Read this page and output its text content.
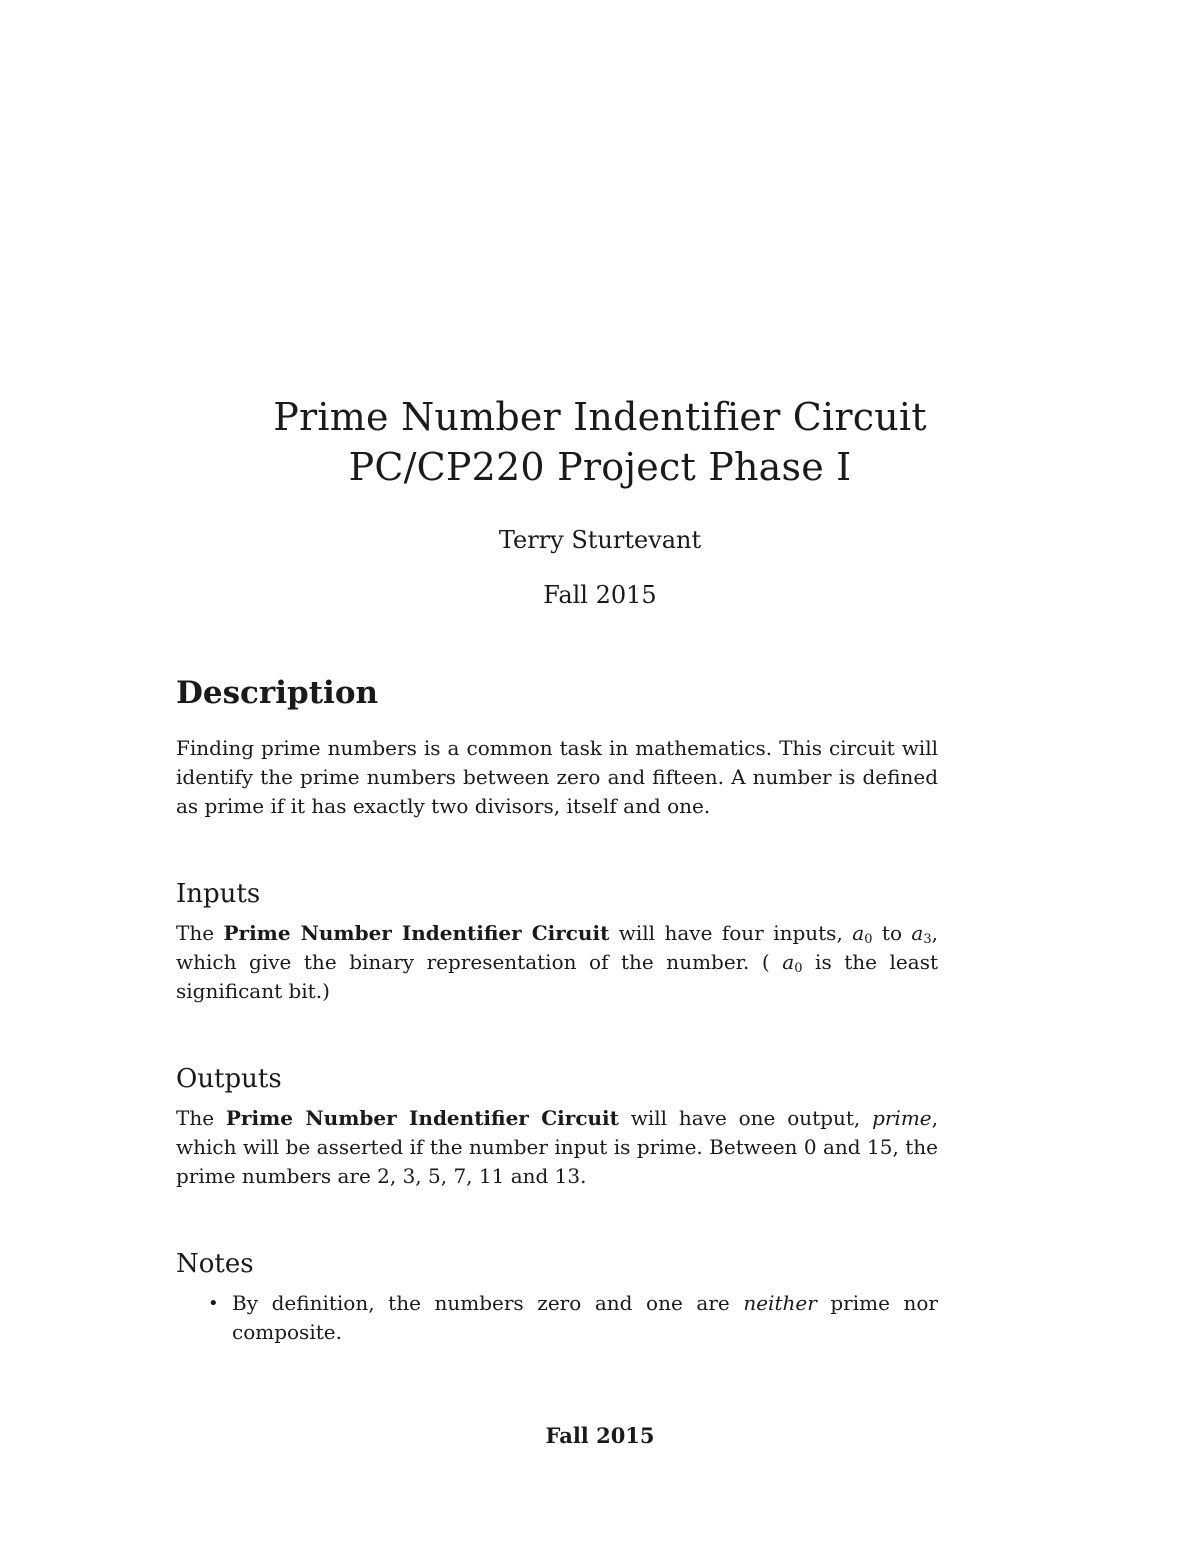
Prime Number Indentifier Circuit
PC/CP220 Project Phase I
Terry Sturtevant
Fall 2015
Description

Finding prime numbers is a common task in mathematics. This circuit will identify the prime numbers between zero and fifteen. A number is defined as prime if it has exactly two divisors, itself and one.

Inputs

The Prime Number Indentifier Circuit will have four inputs, $a_0$ to $a_3$, which give the binary representation of the number. ( $a_0$ is the least significant bit.)

Outputs

The Prime Number Indentifier Circuit will have one output, prime, which will be asserted if the number input is prime. Between 0 and 15, the prime numbers are 2, 3, 5, 7, 11 and 13.

Notes
• By definition, the numbers zero and one are neither prime nor composite.
Fall 2015
